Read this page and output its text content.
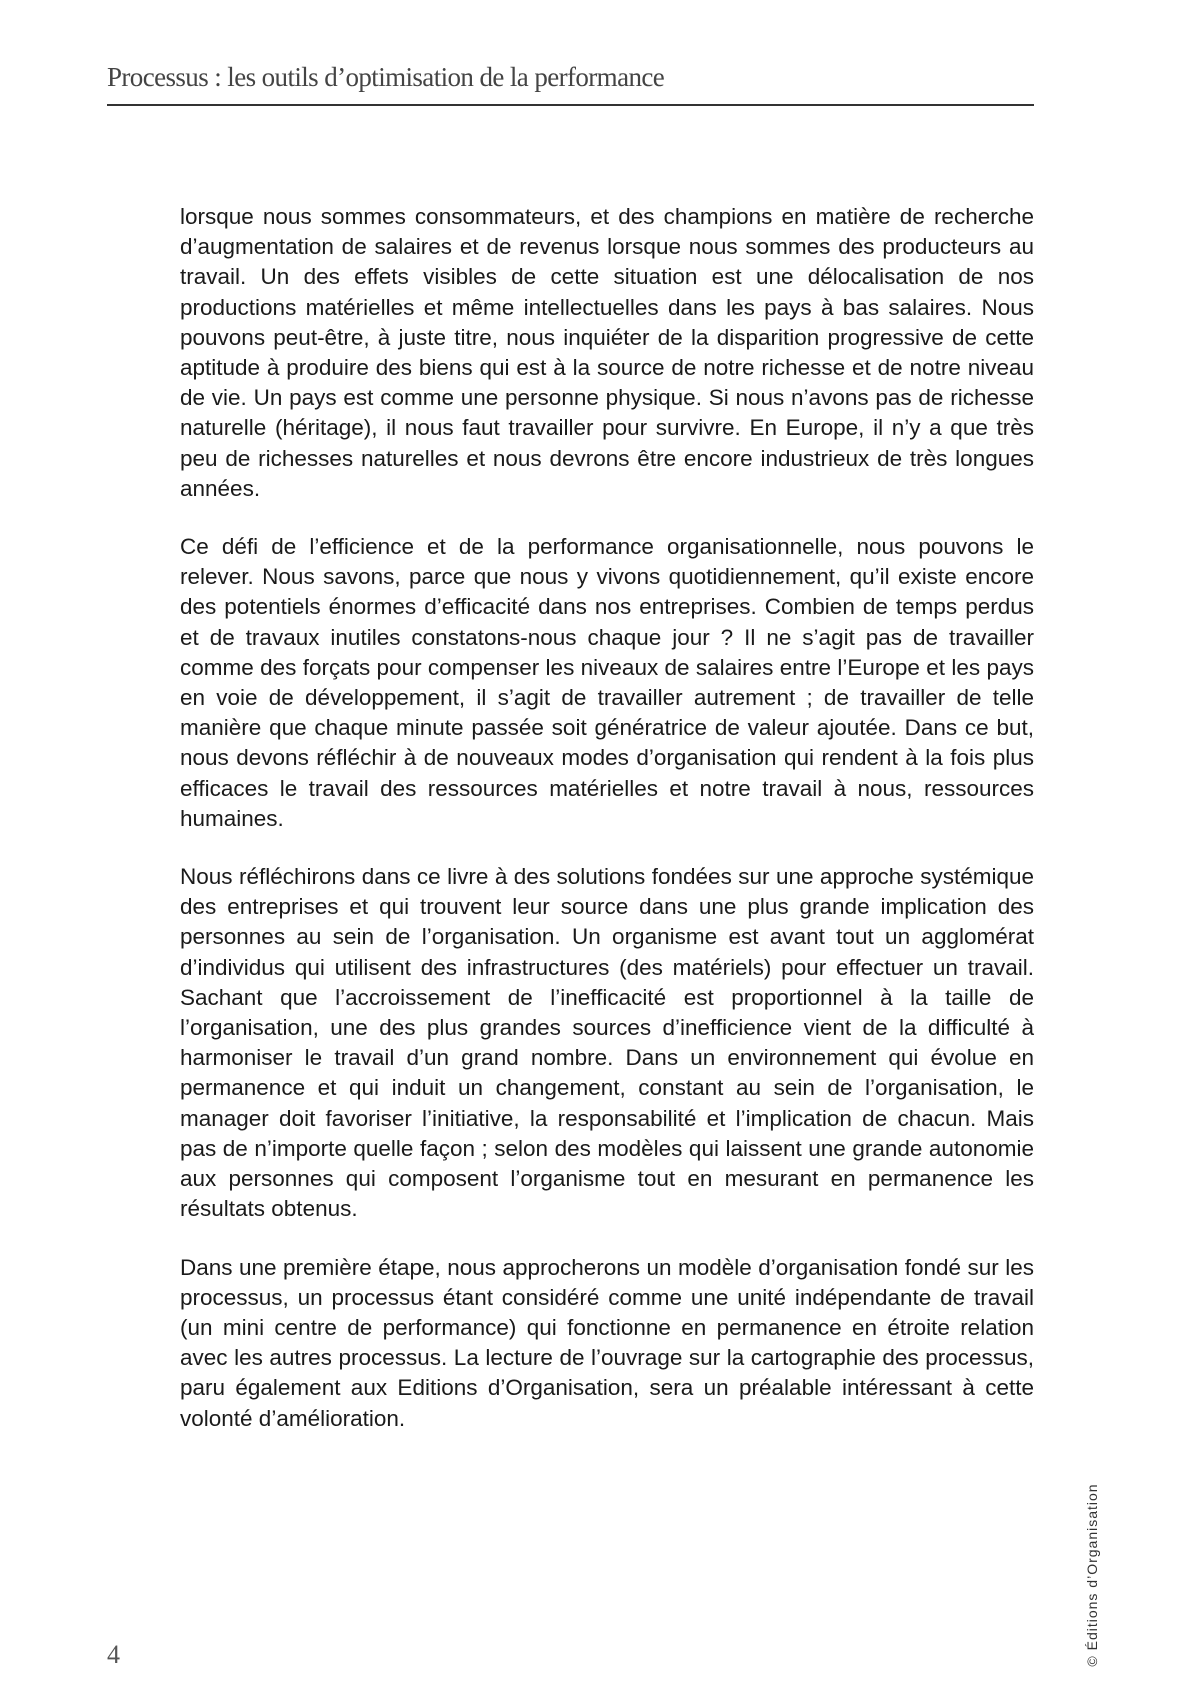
Processus : les outils d’optimisation de la performance

lorsque nous sommes consommateurs, et des champions en matière de recherche d’augmentation de salaires et de revenus lorsque nous sommes des producteurs au travail. Un des effets visibles de cette situation est une délocalisation de nos productions matérielles et même intellectuelles dans les pays à bas salaires. Nous pouvons peut-être, à juste titre, nous inquiéter de la disparition progressive de cette aptitude à produire des biens qui est à la source de notre richesse et de notre niveau de vie. Un pays est comme une personne physique. Si nous n’avons pas de richesse naturelle (héritage), il nous faut travailler pour survivre. En Europe, il n’y a que très peu de richesses naturelles et nous devrons être encore industrieux de très longues années.

Ce défi de l’efficience et de la performance organisationnelle, nous pouvons le relever. Nous savons, parce que nous y vivons quotidiennement, qu’il existe encore des potentiels énormes d’efficacité dans nos entreprises. Combien de temps perdus et de travaux inutiles constatons-nous chaque jour ? Il ne s’agit pas de travailler comme des forçats pour compenser les niveaux de salaires entre l’Europe et les pays en voie de développement, il s’agit de travailler autrement ; de travailler de telle manière que chaque minute passée soit génératrice de valeur ajoutée. Dans ce but, nous devons réfléchir à de nouveaux modes d’organisation qui rendent à la fois plus efficaces le travail des ressources matérielles et notre travail à nous, ressources humaines.

Nous réfléchirons dans ce livre à des solutions fondées sur une approche systémique des entreprises et qui trouvent leur source dans une plus grande implication des personnes au sein de l’organisation. Un organisme est avant tout un agglomérat d’individus qui utilisent des infrastructures (des matériels) pour effectuer un travail. Sachant que l’accroissement de l’inefficacité est proportionnel à la taille de l’organisation, une des plus grandes sources d’inefficience vient de la difficulté à harmoniser le travail d’un grand nombre. Dans un environnement qui évolue en permanence et qui induit un changement, constant au sein de l’organisation, le manager doit favoriser l’initiative, la responsabilité et l’implication de chacun. Mais pas de n’importe quelle façon ; selon des modèles qui laissent une grande autonomie aux personnes qui composent l’organisme tout en mesurant en permanence les résultats obtenus.

Dans une première étape, nous approcherons un modèle d’organisation fondé sur les processus, un processus étant considéré comme une unité indépendante de travail (un mini centre de performance) qui fonctionne en permanence en étroite relation avec les autres processus. La lecture de l’ouvrage sur la cartographie des processus, paru également aux Editions d’Organisation, sera un préalable intéressant à cette volonté d’amélioration.

© Éditions d’Organisation
4
